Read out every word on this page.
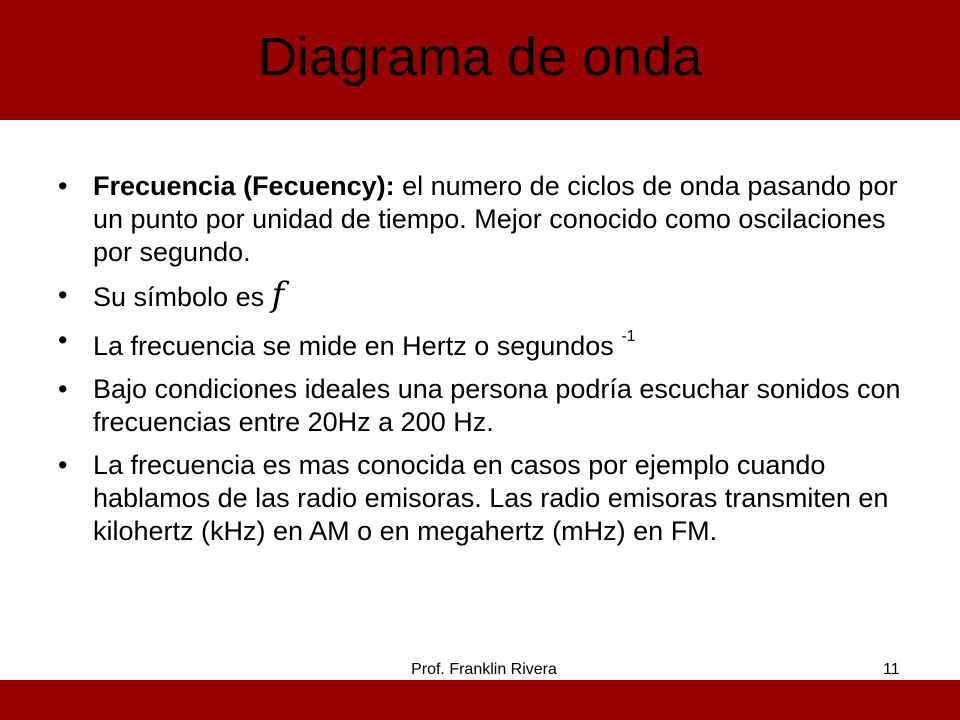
Diagrama de onda
• Frecuencia (Fecuency): el numero de ciclos de onda pasando por un punto por unidad de tiempo. Mejor conocido como oscilaciones por segundo.
• Su símbolo es f
• La frecuencia se mide en Hertz o segundos $^{-1}$
• Bajo condiciones ideales una persona podría escuchar sonidos con frecuencias entre 20Hz a 200 Hz.
• La frecuencia es mas conocida en casos por ejemplo cuando hablamos de las radio emisoras. Las radio emisoras transmiten en kilohertz (kHz) en AM o en megahertz (mHz) en FM.
Prof. Franklin Rivera	11
